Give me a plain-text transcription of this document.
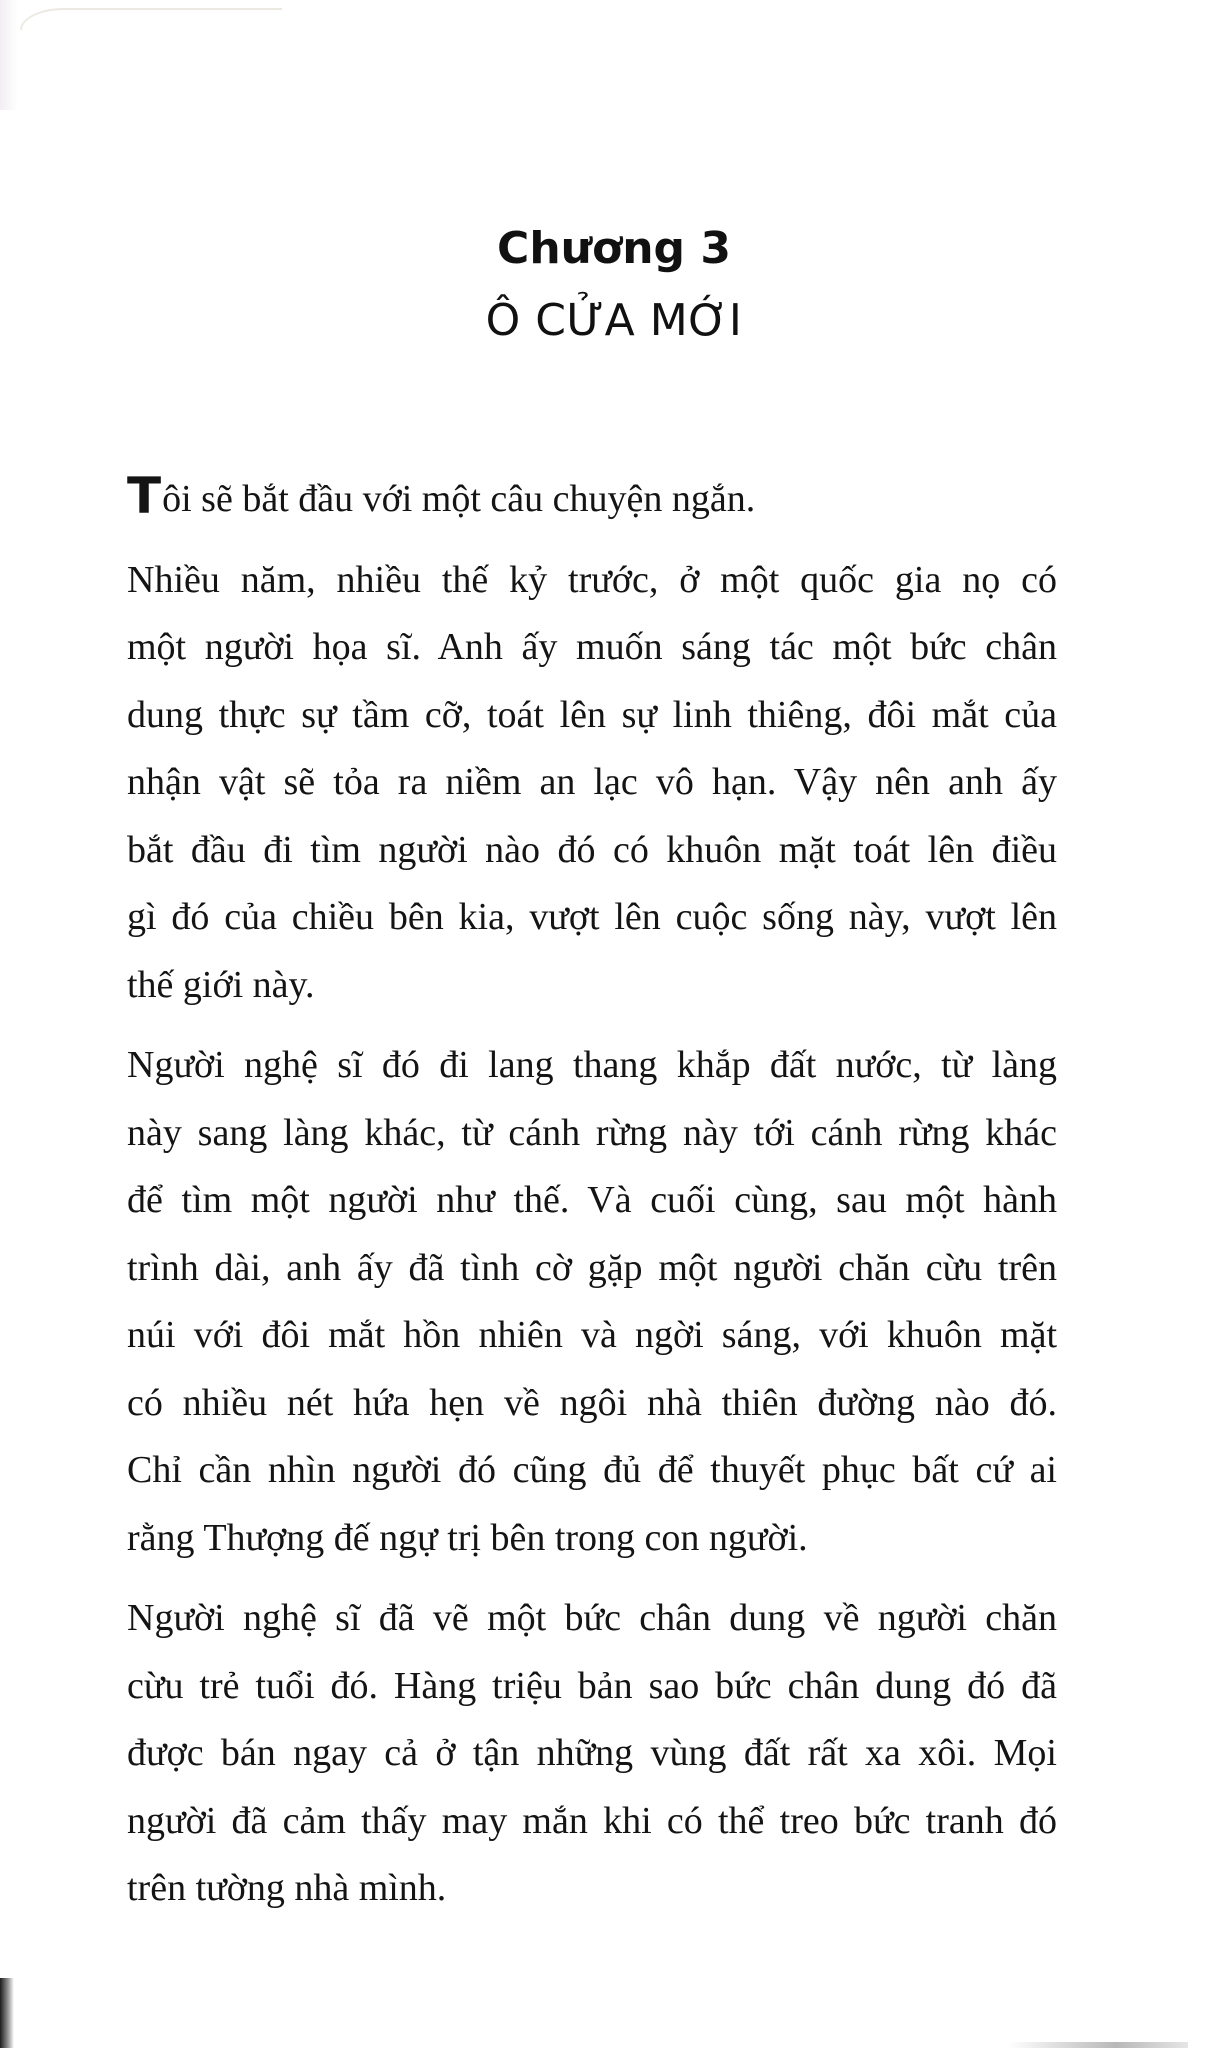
Chương 3
Ô CỬA MỚI

Tôi sẽ bắt đầu với một câu chuyện ngắn.

Nhiều năm, nhiều thế kỷ trước, ở một quốc gia nọ có
một người họa sĩ. Anh ấy muốn sáng tác một bức chân
dung thực sự tầm cỡ, toát lên sự linh thiêng, đôi mắt của
nhận vật sẽ tỏa ra niềm an lạc vô hạn. Vậy nên anh ấy
bắt đầu đi tìm người nào đó có khuôn mặt toát lên điều
gì đó của chiều bên kia, vượt lên cuộc sống này, vượt lên
thế giới này.

Người nghệ sĩ đó đi lang thang khắp đất nước, từ làng
này sang làng khác, từ cánh rừng này tới cánh rừng khác
để tìm một người như thế. Và cuối cùng, sau một hành
trình dài, anh ấy đã tình cờ gặp một người chăn cừu trên
núi với đôi mắt hồn nhiên và ngời sáng, với khuôn mặt
có nhiều nét hứa hẹn về ngôi nhà thiên đường nào đó.
Chỉ cần nhìn người đó cũng đủ để thuyết phục bất cứ ai
rằng Thượng đế ngự trị bên trong con người.

Người nghệ sĩ đã vẽ một bức chân dung về người chăn
cừu trẻ tuổi đó. Hàng triệu bản sao bức chân dung đó đã
được bán ngay cả ở tận những vùng đất rất xa xôi. Mọi
người đã cảm thấy may mắn khi có thể treo bức tranh đó
trên tường nhà mình.
